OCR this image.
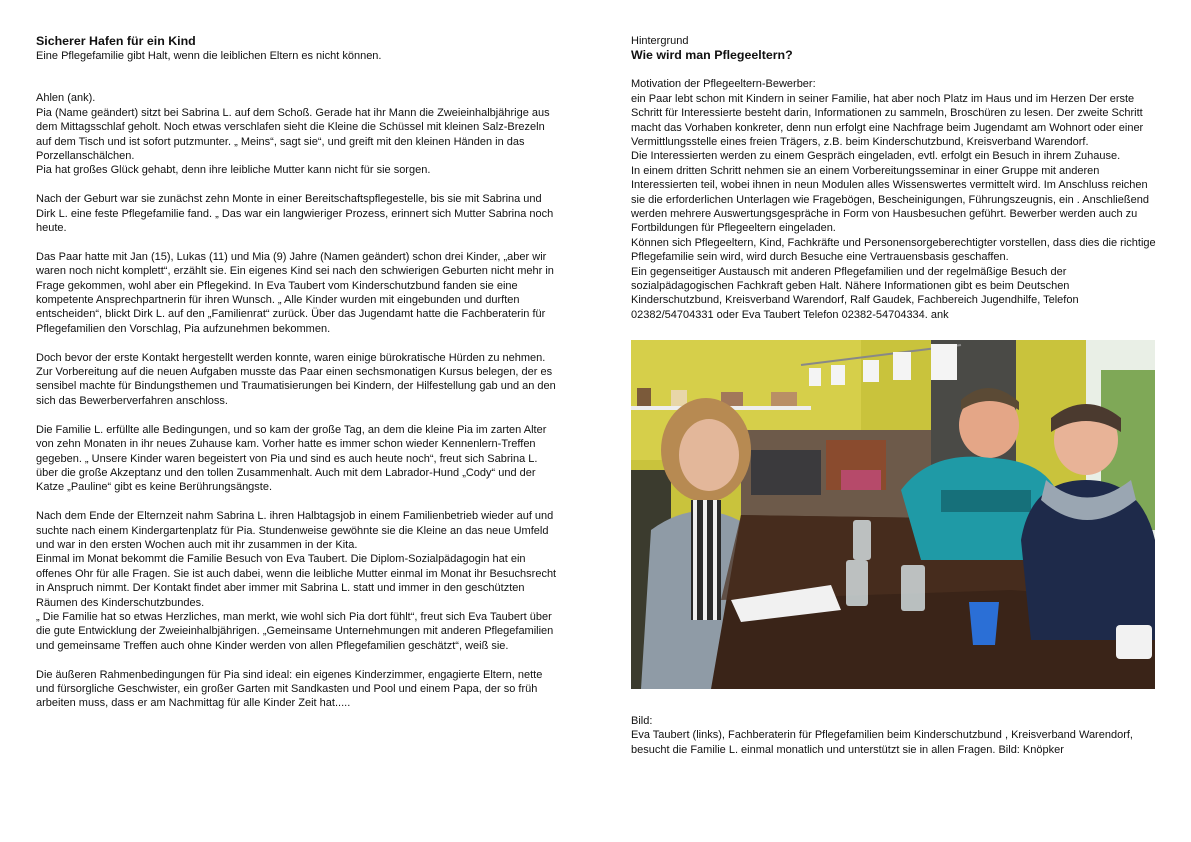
Sicherer Hafen für ein Kind
Eine Pflegefamilie gibt Halt, wenn die leiblichen Eltern es nicht können.
Ahlen (ank).

Pia (Name geändert) sitzt bei Sabrina L. auf dem Schoß. Gerade hat ihr Mann die Zweieinhalbjährige aus dem Mittagsschlaf geholt. Noch etwas verschlafen sieht die Kleine die Schüssel mit kleinen Salz-Brezeln auf dem Tisch und ist sofort putzmunter. „ Meins“, sagt sie“, und greift mit den kleinen Händen in das Porzellanschälchen.
Pia hat großes Glück gehabt, denn ihre leibliche Mutter kann nicht für sie sorgen.

Nach der Geburt war sie zunächst zehn Monte in einer Bereitschaftspflegestelle, bis sie mit Sabrina und Dirk L. eine feste Pflegefamilie fand. „ Das war ein langwieriger Prozess, erinnert sich Mutter Sabrina noch heute.

Das Paar hatte mit Jan (15), Lukas (11) und Mia (9) Jahre (Namen geändert) schon drei Kinder, „aber wir waren noch nicht komplett“, erzählt sie. Ein eigenes Kind sei nach den schwierigen Geburten nicht mehr in Frage gekommen, wohl aber ein Pflegekind. In Eva Taubert vom Kinderschutzbund fanden sie eine kompetente Ansprechpartnerin für ihren Wunsch. „ Alle Kinder wurden mit eingebunden und durften entscheiden“, blickt Dirk L. auf den „Familienrat“ zurück. Über das Jugendamt hatte die Fachberaterin für Pflegefamilien den Vorschlag, Pia aufzunehmen bekommen.

Doch bevor der erste Kontakt hergestellt werden konnte, waren einige bürokratische Hürden zu nehmen. Zur Vorbereitung auf die neuen Aufgaben musste das Paar einen sechsmonatigen Kursus belegen, der es sensibel machte für Bindungsthemen und Traumatisierungen bei Kindern, der Hilfestellung gab und an den sich das Bewerberverfahren anschloss.

Die Familie L. erfüllte alle Bedingungen, und so kam der große Tag, an dem die kleine Pia im zarten Alter von zehn Monaten in ihr neues Zuhause kam. Vorher hatte es immer schon wieder Kennenlern-Treffen gegeben. „ Unsere Kinder waren begeistert von Pia und sind es auch heute noch“, freut sich Sabrina L. über die große Akzeptanz und den tollen Zusammenhalt. Auch mit dem Labrador-Hund „Cody“ und der Katze „Pauline“ gibt es keine Berührungsängste.

Nach dem Ende der Elternzeit nahm Sabrina L. ihren Halbtagsjob in einem Familienbetrieb wieder auf und suchte nach einem Kindergartenplatz für Pia. Stundenweise gewöhnte sie die Kleine an das neue Umfeld und war in den ersten Wochen auch mit ihr zusammen in der Kita.
Einmal im Monat bekommt die Familie Besuch von Eva Taubert. Die Diplom-Sozialpädagogin hat ein offenes Ohr für alle Fragen. Sie ist auch dabei, wenn die leibliche Mutter einmal im Monat ihr Besuchsrecht in Anspruch nimmt. Der Kontakt findet aber immer mit Sabrina L. statt und immer in den geschützten Räumen des Kinderschutzbundes.
„ Die Familie hat so etwas Herzliches, man merkt, wie wohl sich Pia dort fühlt“, freut sich Eva Taubert über die gute Entwicklung der Zweieinhalbjährigen. „Gemeinsame Unternehmungen mit anderen Pflegefamilien und gemeinsame Treffen auch ohne Kinder werden von allen Pflegefamilien geschätzt“, weiß sie.

Die äußeren Rahmenbedingungen für Pia sind ideal: ein eigenes Kinderzimmer, engagierte Eltern, nette und fürsorgliche Geschwister, ein großer Garten mit Sandkasten und Pool und einem Papa, der so früh arbeiten muss, dass er am Nachmittag für alle Kinder Zeit hat.....

Hintergrund
Wie wird man Pflegeeltern?
Motivation der Pflegeeltern-Bewerber:

ein Paar lebt schon mit Kindern in seiner Familie, hat aber noch Platz im Haus und im Herzen Der erste Schritt für Interessierte besteht darin, Informationen zu sammeln, Broschüren zu lesen. Der zweite Schritt macht das Vorhaben konkreter, denn nun erfolgt eine Nachfrage beim Jugendamt am Wohnort oder einer Vermittlungsstelle eines freien Trägers, z.B. beim Kinderschutzbund, Kreisverband Warendorf.
Die Interessierten werden zu einem Gespräch eingeladen, evtl. erfolgt ein Besuch in ihrem Zuhause.
In einem dritten Schritt nehmen sie an einem Vorbereitungsseminar in einer Gruppe mit anderen Interessierten teil, wobei ihnen in neun Modulen alles Wissenswertes vermittelt wird. Im Anschluss reichen sie die erforderlichen Unterlagen wie Fragebögen, Bescheinigungen, Führungszeugnis, ein . Anschließend werden mehrere Auswertungsgespräche in Form von Hausbesuchen geführt. Bewerber werden auch zu Fortbildungen für Pflegeeltern eingeladen.
Können sich Pflegeeltern, Kind, Fachkräfte und Personensorgeberechtigter vorstellen, dass dies die richtige Pflegefamilie sein wird, wird durch Besuche eine Vertrauensbasis geschaffen.
Ein gegenseitiger Austausch mit anderen Pflegefamilien und der regelmäßige Besuch der sozialpädagogischen Fachkraft geben Halt. Nähere Informationen gibt es beim Deutschen Kinderschutzbund, Kreisverband Warendorf, Ralf Gaudek, Fachbereich Jugendhilfe, Telefon 02382/54704331 oder Eva Taubert Telefon 02382-54704334. ank

Bild:
Eva Taubert (links), Fachberaterin für Pflegefamilien beim Kinderschutzbund , Kreisverband Warendorf, besucht die Familie L. einmal monatlich und unterstützt sie in allen Fragen. Bild: Knöpker
